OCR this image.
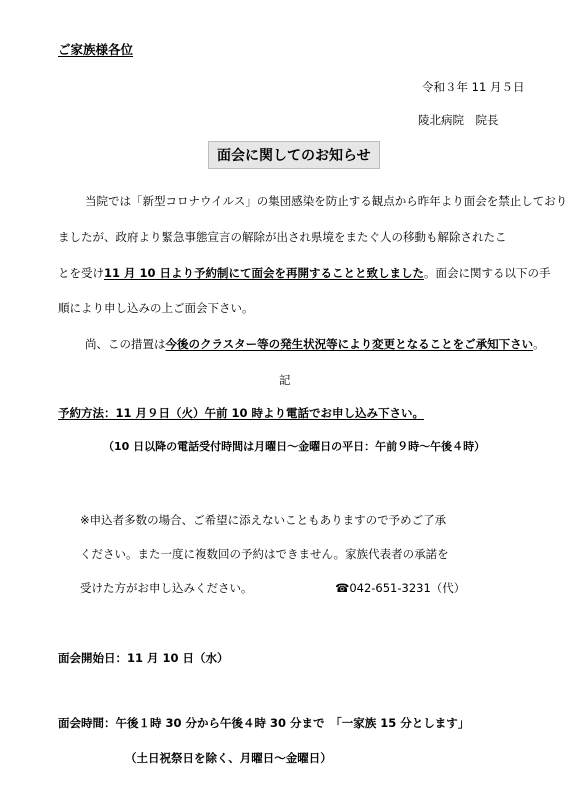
ご家族様各位
令和３年 11 月５日
陵北病院　院長
面会に関してのお知らせ
当院では「新型コロナウイルス」の集団感染を防止する観点から昨年より面会を禁止しており
ましたが、政府より緊急事態宣言の解除が出され県境をまたぐ人の移動も解除されたこ
とを受け11 月 10 日より予約制にて面会を再開することと致しました。面会に関する以下の手
順により申し込みの上ご面会下さい。
尚、この措置は今後のクラスター等の発生状況等により変更となることをご承知下さい。
記
予約方法：11 月９日（火）午前 10 時より電話でお申し込み下さい。
（10 日以降の電話受付時間は月曜日～金曜日の平日：午前９時～午後４時）
※申込者多数の場合、ご希望に添えないこともありますので予めご了承
ください。また一度に複数回の予約はできません。家族代表者の承諾を
受けた方がお申し込みください。	☎042-651-3231（代）
面会開始日：11 月 10 日（水）
面会時間：午後１時 30 分から午後４時 30 分まで　「一家族 15 分とします」
（土日祝祭日を除く、月曜日～金曜日）
